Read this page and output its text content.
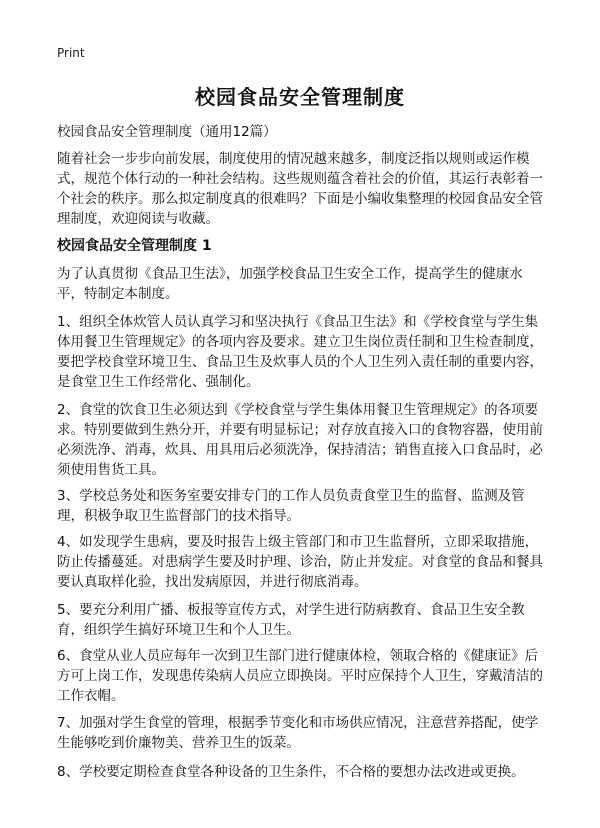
Print
校园食品安全管理制度
校园食品安全管理制度（通用12篇）

随着社会一步步向前发展，制度使用的情况越来越多，制度泛指以规则或运作模式，规范个体行动的一种社会结构。这些规则蕴含着社会的价值，其运行表彰着一个社会的秩序。那么拟定制度真的很难吗？下面是小编收集整理的校园食品安全管理制度，欢迎阅读与收藏。

校园食品安全管理制度 1

为了认真贯彻《食品卫生法》，加强学校食品卫生安全工作，提高学生的健康水平，特制定本制度。

1、组织全体炊管人员认真学习和坚决执行《食品卫生法》和《学校食堂与学生集体用餐卫生管理规定》的各项内容及要求。建立卫生岗位责任制和卫生检查制度，要把学校食堂环境卫生、食品卫生及炊事人员的个人卫生列入责任制的重要内容，是食堂卫生工作经常化、强制化。

2、食堂的饮食卫生必须达到《学校食堂与学生集体用餐卫生管理规定》的各项要求。特别要做到生熟分开，并要有明显标记；对存放直接入口的食物容器，使用前必须洗净、消毒，炊具、用具用后必须洗净，保持清洁；销售直接入口食品时，必须使用售货工具。

3、学校总务处和医务室要安排专门的工作人员负责食堂卫生的监督、监测及管理，积极争取卫生监督部门的技术指导。

4、如发现学生患病，要及时报告上级主管部门和市卫生监督所，立即采取措施，防止传播蔓延。对患病学生要及时护理、诊治，防止并发症。对食堂的食品和餐具要认真取样化验，找出发病原因，并进行彻底消毒。

5、要充分利用广播、板报等宣传方式，对学生进行防病教育、食品卫生安全教育，组织学生搞好环境卫生和个人卫生。

6、食堂从业人员应每年一次到卫生部门进行健康体检，领取合格的《健康证》后方可上岗工作，发现患传染病人员应立即换岗。平时应保持个人卫生，穿戴清洁的工作衣帽。

7、加强对学生食堂的管理，根据季节变化和市场供应情况，注意营养搭配，使学生能够吃到价廉物美、营养卫生的饭菜。

8、学校要定期检查食堂各种设备的卫生条件，不合格的要想办法改进或更换。
